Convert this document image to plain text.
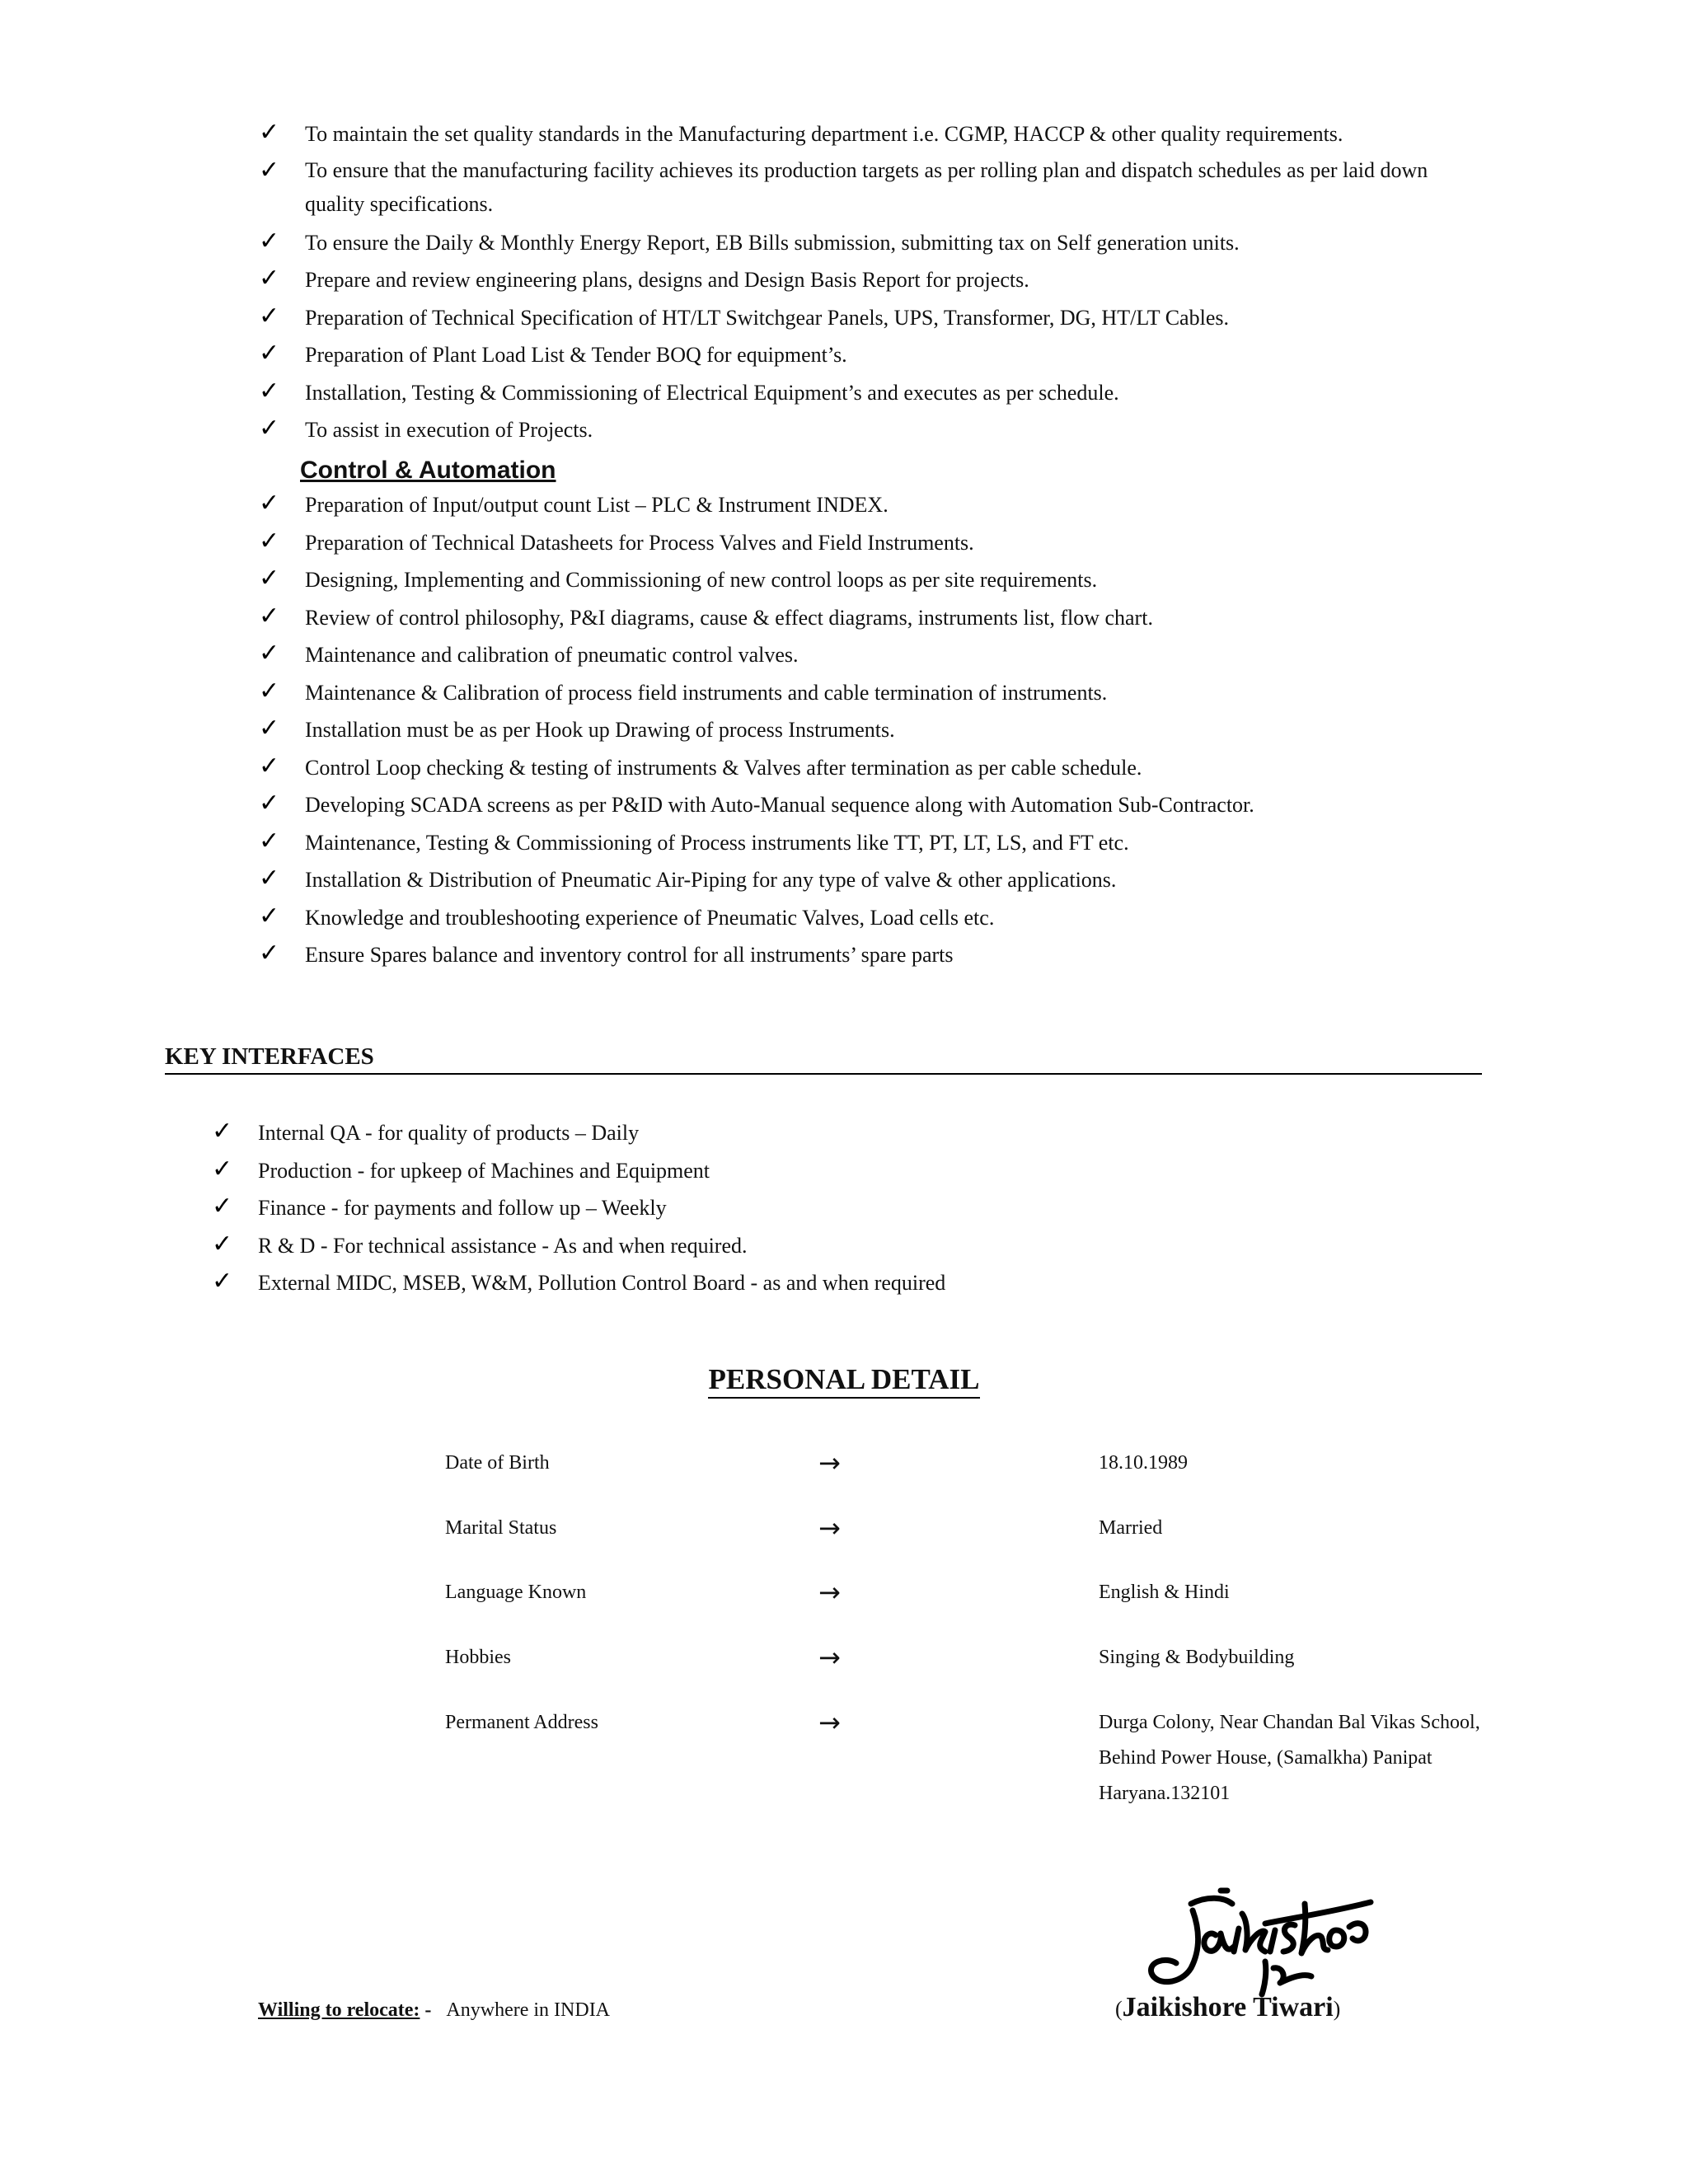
✓ To maintain the set quality standards in the Manufacturing department i.e. CGMP, HACCP & other quality requirements.
✓ To ensure that the manufacturing facility achieves its production targets as per rolling plan and dispatch schedules as per laid down quality specifications.
✓ To ensure the Daily & Monthly Energy Report, EB Bills submission, submitting tax on Self generation units.
✓ Prepare and review engineering plans, designs and Design Basis Report for projects.
✓ Preparation of Technical Specification of HT/LT Switchgear Panels, UPS, Transformer, DG, HT/LT Cables.
✓ Preparation of Plant Load List & Tender BOQ for equipment’s.
✓ Installation, Testing & Commissioning of Electrical Equipment’s and executes as per schedule.
✓ To assist in execution of Projects.
Control & Automation
✓ Preparation of Input/output count List – PLC & Instrument INDEX.
✓ Preparation of Technical Datasheets for Process Valves and Field Instruments.
✓ Designing, Implementing and Commissioning of new control loops as per site requirements.
✓ Review of control philosophy, P&I diagrams, cause & effect diagrams, instruments list, flow chart.
✓ Maintenance and calibration of pneumatic control valves.
✓ Maintenance & Calibration of process field instruments and cable termination of instruments.
✓ Installation must be as per Hook up Drawing of process Instruments.
✓ Control Loop checking & testing of instruments & Valves after termination as per cable schedule.
✓ Developing SCADA screens as per P&ID with Auto-Manual sequence along with Automation Sub-Contractor.
✓ Maintenance, Testing & Commissioning of Process instruments like TT, PT, LT, LS, and FT etc.
✓ Installation & Distribution of Pneumatic Air-Piping for any type of valve & other applications.
✓ Knowledge and troubleshooting experience of Pneumatic Valves, Load cells etc.
✓ Ensure Spares balance and inventory control for all instruments’ spare parts
KEY INTERFACES
✓ Internal QA - for quality of products – Daily
✓ Production - for upkeep of Machines and Equipment
✓ Finance - for payments and follow up – Weekly
✓ R & D - For technical assistance - As and when required.
✓ External MIDC, MSEB, W&M, Pollution Control Board - as and when required
PERSONAL DETAIL
Date of Birth	→	18.10.1989
Marital Status	→	Married
Language Known	→	English & Hindi
Hobbies	→	Singing & Bodybuilding
Permanent Address	→	Durga Colony, Near Chandan Bal Vikas School, Behind Power House, (Samalkha) Panipat Haryana.132101
(Jaikishore Tiwari)
Willing to relocate: - Anywhere in INDIA
